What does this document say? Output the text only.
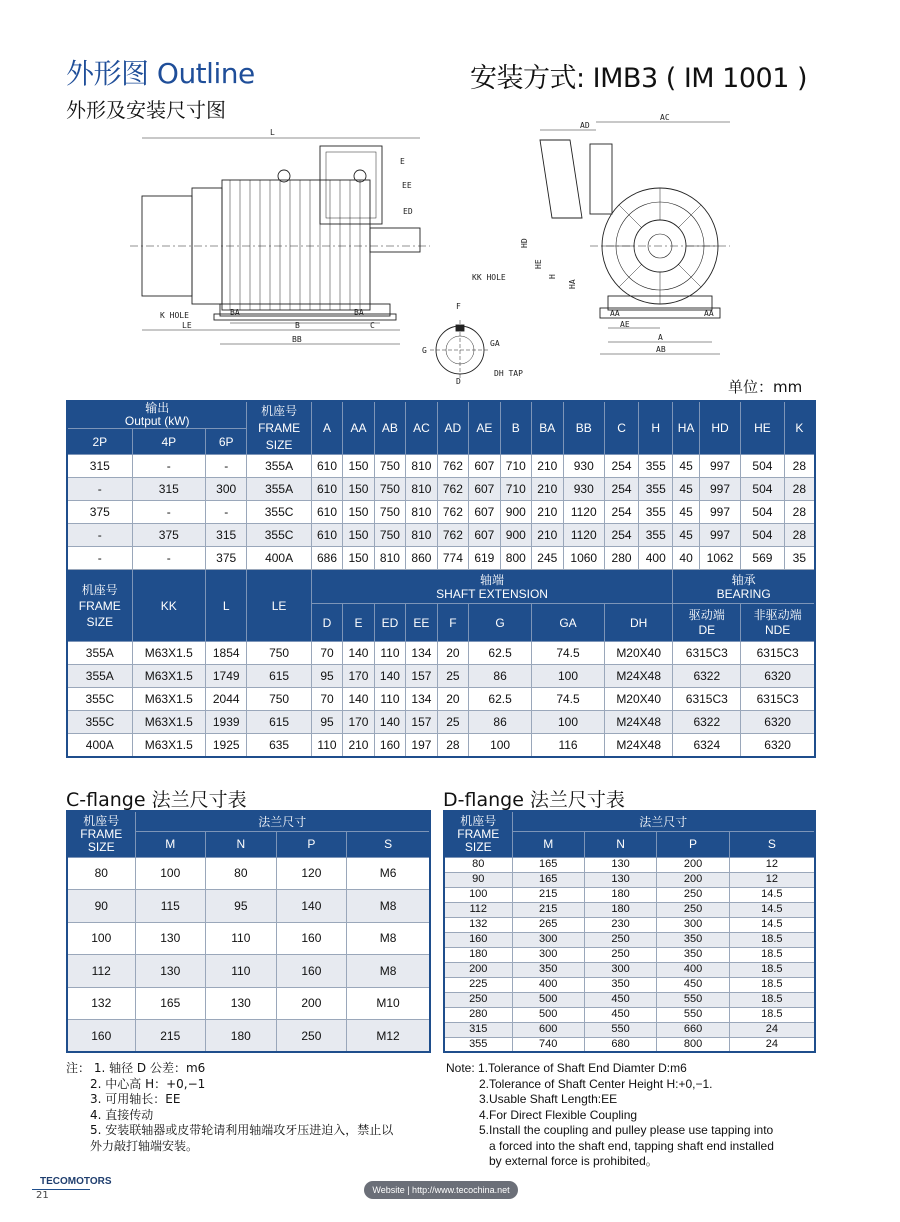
外形图 Outline
外形及安装尺寸图
安装方式: IMB3 ( IM 1001 )
L
E
EE
ED
K HOLE	BA	BA
LE	B	C
BB
F
G
GA
D
DH TAP
AD
AC
HD
HE
H
HA
KK HOLE
AA	AA
AE
A
AB
单位：mm
输出
Output (kW)			机座号
FRAME
SIZE	A	AA	AB	AC	AD	AE	B	BA	BB	C	H	HA	HD	HE	K
2P	4P	6P																
315	-	-	355A	610	150	750	810	762	607	710	210	930	254	355	45	997	504	28
-	315	300	355A	610	150	750	810	762	607	710	210	930	254	355	45	997	504	28
375	-	-	355C	610	150	750	810	762	607	900	210	1120	254	355	45	997	504	28
-	375	315	355C	610	150	750	810	762	607	900	210	1120	254	355	45	997	504	28
-	-	375	400A	686	150	810	860	774	619	800	245	1060	280	400	40	1062	569	35
机座号
FRAME
SIZE	KK	L	LE	轴端
SHAFT EXTENSION											轴承
BEARING			
				D	E	ED	EE	F	G		GA		DH		驱动端
DE		非驱动端
NDE	
355A	M63X1.5	1854	750	70	140	110	134	20	62.5		74.5		M20X40		6315C3		6315C3	
355A	M63X1.5	1749	615	95	170	140	157	25	86		100		M24X48		6322		6320	
355C	M63X1.5	2044	750	70	140	110	134	20	62.5		74.5		M20X40		6315C3		6315C3	
355C	M63X1.5	1939	615	95	170	140	157	25	86		100		M24X48		6322		6320	
400A	M63X1.5	1925	635	110	210	160	197	28	100		116		M24X48		6324		6320	
C-flange 法兰尺寸表	D-flange 法兰尺寸表
机座号
FRAME
SIZE	法兰尺寸			
	M	N	P	S
80	100	80	120	M6
90	115	95	140	M8
100	130	110	160	M8
112	130	110	160	M8
132	165	130	200	M10
160	215	180	250	M12
机座号
FRAME
SIZE	法兰尺寸			
	M	N	P	S
80	165	130	200	12
90	165	130	200	12
100	215	180	250	14.5
112	215	180	250	14.5
132	265	230	300	14.5
160	300	250	350	18.5
180	300	250	350	18.5
200	350	300	400	18.5
225	400	350	450	18.5
250	500	450	550	18.5
280	500	450	550	18.5
315	600	550	660	24
355	740	680	800	24
注： 1. 轴径 D 公差：m6
2. 中心高 H：+0,−1
3. 可用轴长：EE
4. 直接传动
5. 安装联轴器或皮带轮请利用轴端攻牙压进迫入，禁止以
外力敲打轴端安装。
Note: 1.Tolerance of Shaft End Diamter D:m6
2.Tolerance of Shaft Center Height H:+0,−1.
3.Usable Shaft Length:EE
4.For Direct Flexible Coupling
5.Install the coupling and pulley please use tapping into
a forced into the shaft end, tapping shaft end installed
by external force is prohibited。
TECOMOTORS
21	Website | http://www.tecochina.net
